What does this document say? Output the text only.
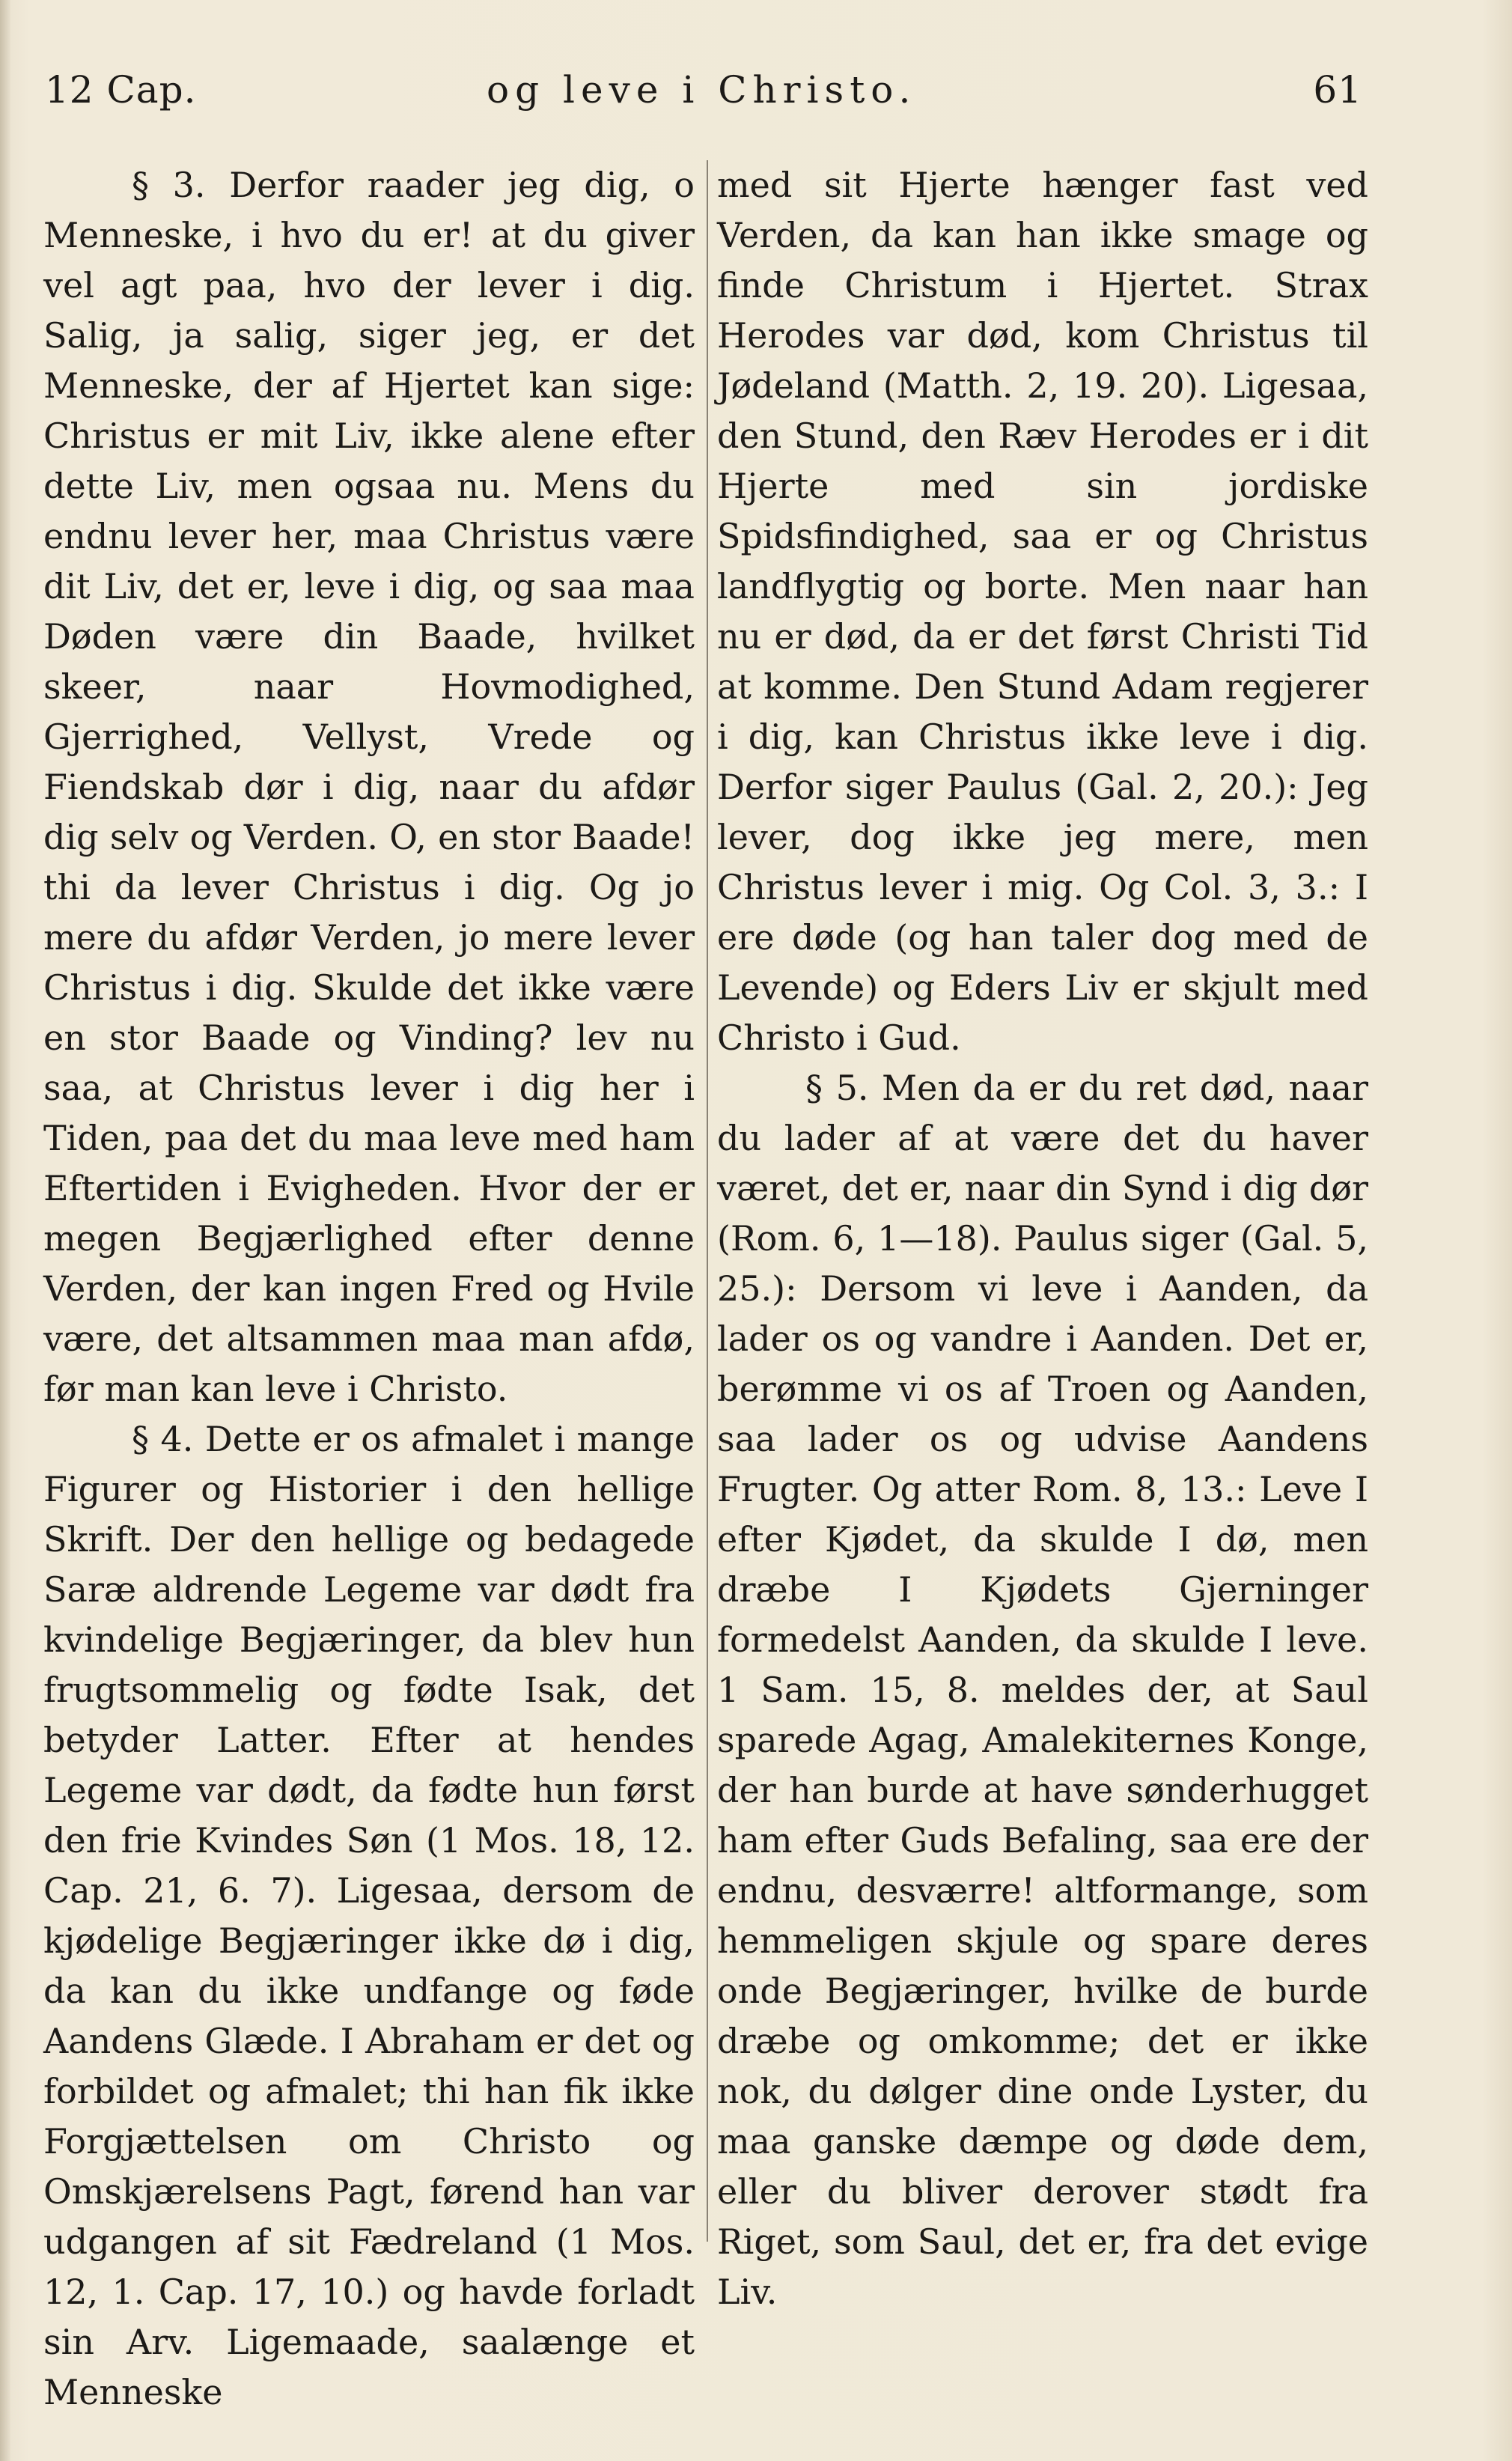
12 Cap.	og leve i Christo.	61

§ 3. Derfor raader jeg dig, o Menneske, i hvo du er! at du giver vel agt paa, hvo der lever i dig. Salig, ja salig, siger jeg, er det Menneske, der af Hjertet kan sige: Christus er mit Liv, ikke alene efter dette Liv, men ogsaa nu. Mens du endnu lever her, maa Christus være dit Liv, det er, leve i dig, og saa maa Døden være din Baade, hvilket skeer, naar Hovmodighed, Gjerrighed, Vellyst, Vrede og Fiendskab dør i dig, naar du afdør dig selv og Verden. O, en stor Baade! thi da lever Christus i dig. Og jo mere du afdør Verden, jo mere lever Christus i dig. Skulde det ikke være en stor Baade og Vinding? lev nu saa, at Christus lever i dig her i Tiden, paa det du maa leve med ham Eftertiden i Evigheden. Hvor der er megen Begjærlighed efter denne Verden, der kan ingen Fred og Hvile være, det altsammen maa man afdø, før man kan leve i Christo.

§ 4. Dette er os afmalet i mange Figurer og Historier i den hellige Skrift. Der den hellige og bedagede Saræ aldrende Legeme var dødt fra kvindelige Begjæringer, da blev hun frugtsommelig og fødte Isak, det betyder Latter. Efter at hendes Legeme var dødt, da fødte hun først den frie Kvindes Søn (1 Mos. 18, 12. Cap. 21, 6. 7). Ligesaa, dersom de kjødelige Begjæringer ikke dø i dig, da kan du ikke undfange og føde Aandens Glæde. I Abraham er det og forbildet og afmalet; thi han fik ikke Forgjættelsen om Christo og Omskjærelsens Pagt, førend han var udgangen af sit Fædreland (1 Mos. 12, 1. Cap. 17, 10.) og havde forladt sin Arv. Ligemaade, saalænge et Menneske

med sit Hjerte hænger fast ved Verden, da kan han ikke smage og finde Christum i Hjertet. Strax Herodes var død, kom Christus til Jødeland (Matth. 2, 19. 20). Ligesaa, den Stund, den Ræv Herodes er i dit Hjerte med sin jordiske Spidsfindighed, saa er og Christus landflygtig og borte. Men naar han nu er død, da er det først Christi Tid at komme. Den Stund Adam regjerer i dig, kan Christus ikke leve i dig. Derfor siger Paulus (Gal. 2, 20.): Jeg lever, dog ikke jeg mere, men Christus lever i mig. Og Col. 3, 3.: I ere døde (og han taler dog med de Levende) og Eders Liv er skjult med Christo i Gud.

§ 5. Men da er du ret død, naar du lader af at være det du haver været, det er, naar din Synd i dig dør (Rom. 6, 1—18). Paulus siger (Gal. 5, 25.): Dersom vi leve i Aanden, da lader os og vandre i Aanden. Det er, berømme vi os af Troen og Aanden, saa lader os og udvise Aandens Frugter. Og atter Rom. 8, 13.: Leve I efter Kjødet, da skulde I dø, men dræbe I Kjødets Gjerninger formedelst Aanden, da skulde I leve. 1 Sam. 15, 8. meldes der, at Saul sparede Agag, Amalekiternes Konge, der han burde at have sønderhugget ham efter Guds Befaling, saa ere der endnu, desværre! altformange, som hemmeligen skjule og spare deres onde Begjæringer, hvilke de burde dræbe og omkomme; det er ikke nok, du dølger dine onde Lyster, du maa ganske dæmpe og døde dem, eller du bliver derover stødt fra Riget, som Saul, det er, fra det evige Liv.
